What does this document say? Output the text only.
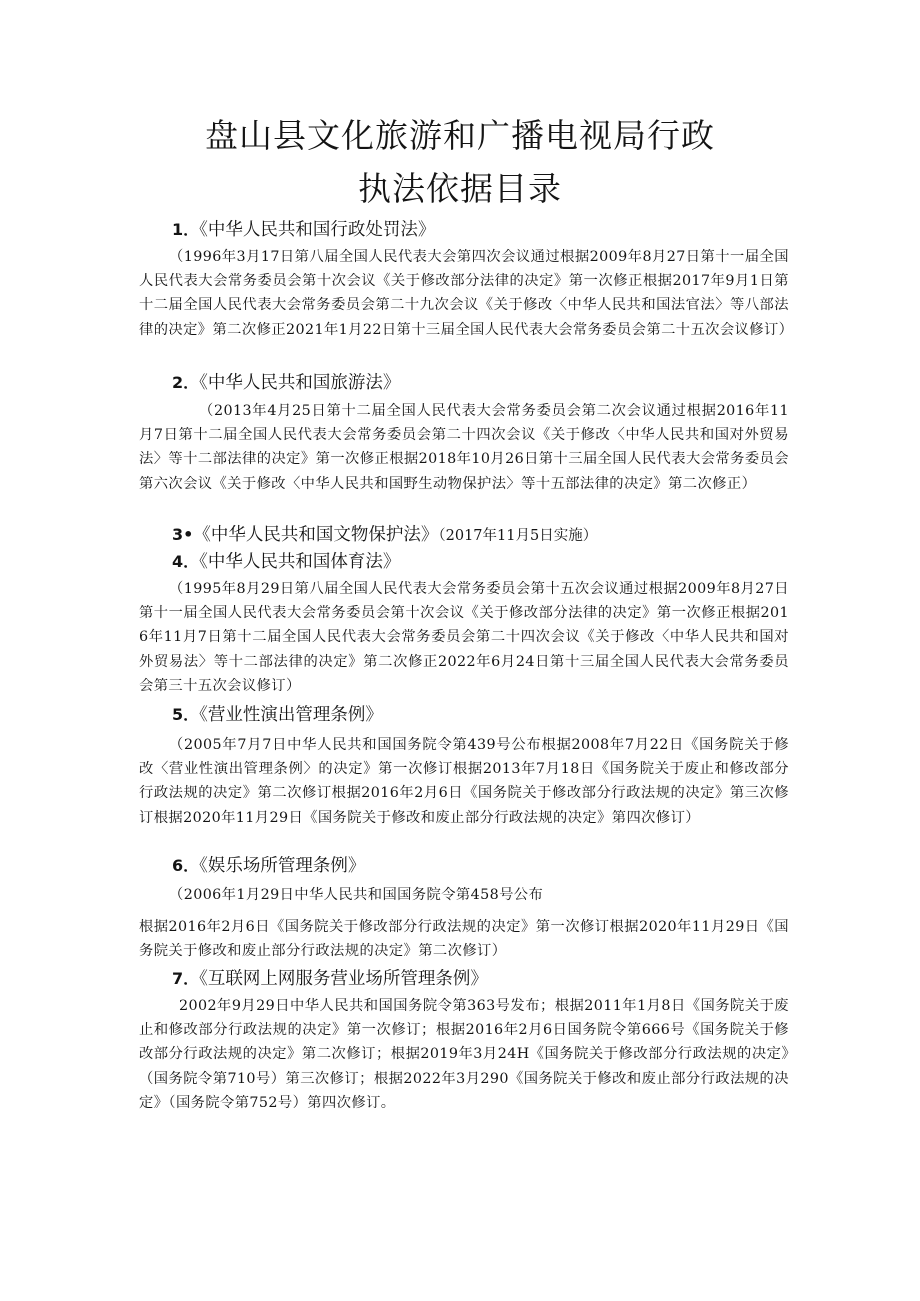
盘山县文化旅游和广播电视局行政
执法依据目录
1．《中华人民共和国行政处罚法》
（1996年3月17日第八届全国人民代表大会第四次会议通过根据2009年8月27日第十一届全国人民代表大会常务委员会第十次会议《关于修改部分法律的决定》第一次修正根据2017年9月1日第十二届全国人民代表大会常务委员会第二十九次会议《关于修改〈中华人民共和国法官法〉等八部法律的决定》第二次修正2021年1月22日第十三届全国人民代表大会常务委员会第二十五次会议修订）
2．《中华人民共和国旅游法》
（2013年4月25日第十二届全国人民代表大会常务委员会第二次会议通过根据2016年11月7日第十二届全国人民代表大会常务委员会第二十四次会议《关于修改〈中华人民共和国对外贸易法〉等十二部法律的决定》第一次修正根据2018年10月26日第十三届全国人民代表大会常务委员会第六次会议《关于修改〈中华人民共和国野生动物保护法〉等十五部法律的决定》第二次修正）
3•《中华人民共和国文物保护法》（2017年11月5日实施）
4．《中华人民共和国体育法》
（1995年8月29日第八届全国人民代表大会常务委员会第十五次会议通过根据2009年8月27日第十一届全国人民代表大会常务委员会第十次会议《关于修改部分法律的决定》第一次修正根据2016年11月7日第十二届全国人民代表大会常务委员会第二十四次会议《关于修改〈中华人民共和国对外贸易法〉等十二部法律的决定》第二次修正2022年6月24日第十三届全国人民代表大会常务委员会第三十五次会议修订）
5．《营业性演出管理条例》
（2005年7月7日中华人民共和国国务院令第439号公布根据2008年7月22日《国务院关于修改〈营业性演出管理条例〉的决定》第一次修订根据2013年7月18日《国务院关于废止和修改部分行政法规的决定》第二次修订根据2016年2月6日《国务院关于修改部分行政法规的决定》第三次修订根据2020年11月29日《国务院关于修改和废止部分行政法规的决定》第四次修订）
6．《娱乐场所管理条例》
（2006年1月29日中华人民共和国国务院令第458号公布
根据2016年2月6日《国务院关于修改部分行政法规的决定》第一次修订根据2020年11月29日《国务院关于修改和废止部分行政法规的决定》第二次修订）
7．《互联网上网服务营业场所管理条例》
2002年9月29日中华人民共和国国务院令第363号发布；根据2011年1月8日《国务院关于废止和修改部分行政法规的决定》第一次修订；根据2016年2月6日国务院令第666号《国务院关于修改部分行政法规的决定》第二次修订；根据2019年3月24H《国务院关于修改部分行政法规的决定》（国务院令第710号）第三次修订；根据2022年3月290《国务院关于修改和废止部分行政法规的决定》（国务院令第752号）第四次修订。
